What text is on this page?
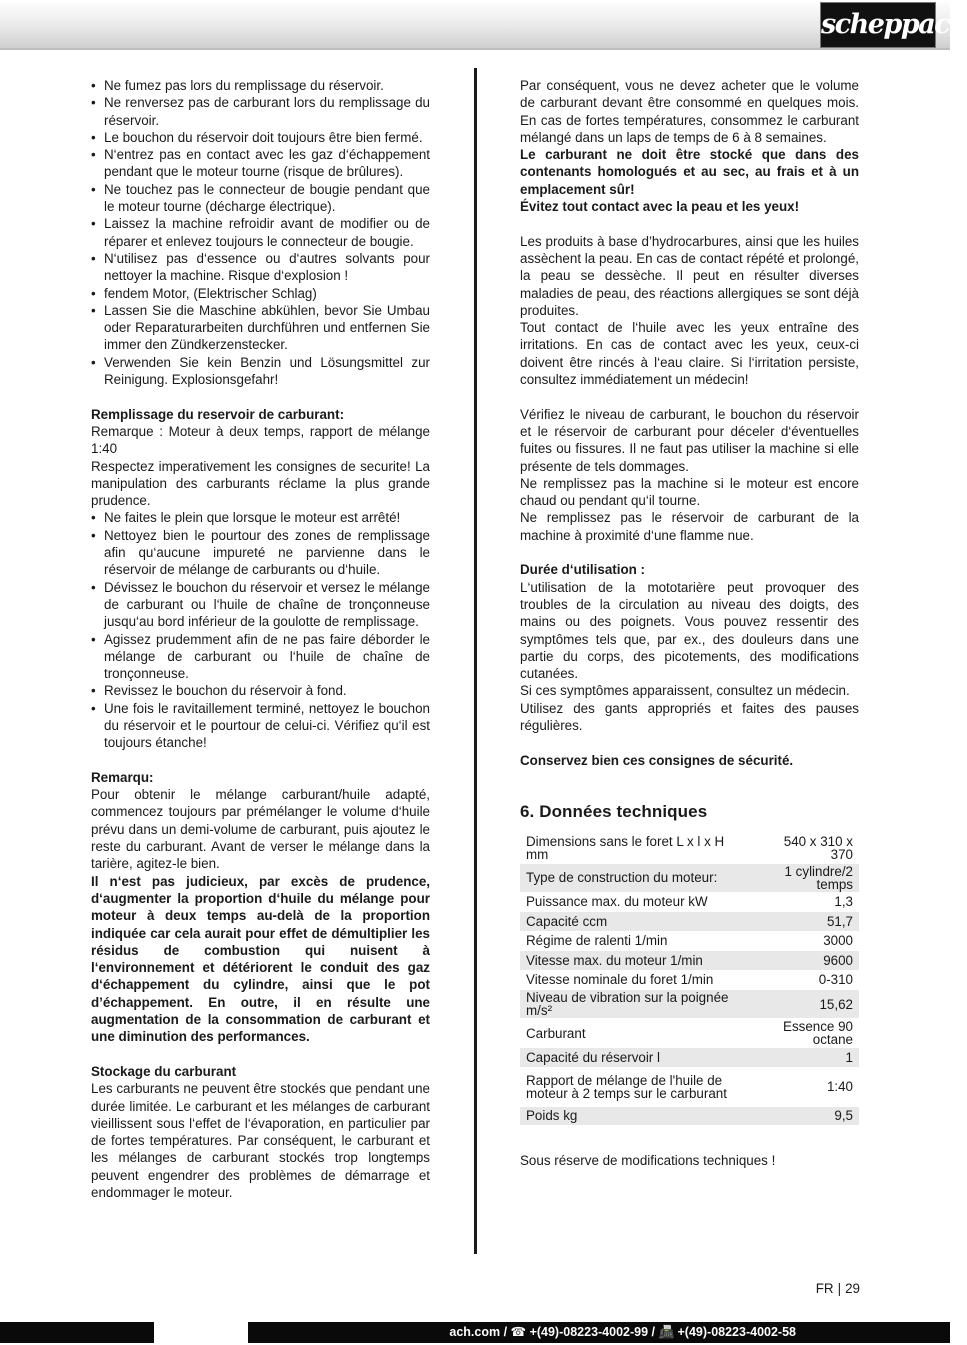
scheppach
• Ne fumez pas lors du remplissage du réservoir.
• Ne renversez pas de carburant lors du remplissage du réservoir.
• Le bouchon du réservoir doit toujours être bien fermé.
• N‘entrez pas en contact avec les gaz d‘échappement pendant que le moteur tourne (risque de brûlures).
• Ne touchez pas le connecteur de bougie pendant que le moteur tourne (décharge électrique).
• Laissez la machine refroidir avant de modifier ou de réparer et enlevez toujours le connecteur de bougie.
• N‘utilisez pas d‘essence ou d‘autres solvants pour nettoyer la machine. Risque d‘explosion !
• fendem Motor, (Elektrischer Schlag)
• Lassen Sie die Maschine abkühlen, bevor Sie Umbau oder Reparaturarbeiten durchführen und entfernen Sie immer den Zündkerzenstecker.
• Verwenden Sie kein Benzin und Lösungsmittel zur Reinigung. Explosionsgefahr!

Remplissage du reservoir de carburant:

Remarque : Moteur à deux temps, rapport de mélange 1:40

Respectez imperativement les consignes de securite! La manipulation des carburants réclame la plus grande prudence.

• Ne faites le plein que lorsque le moteur est arrêté!
• Nettoyez bien le pourtour des zones de remplissage afin qu‘aucune impureté ne parvienne dans le réservoir de mélange de carburants ou d‘huile.
• Dévissez le bouchon du réservoir et versez le mélange de carburant ou l‘huile de chaîne de tronçonneuse jusqu‘au bord inférieur de la goulotte de remplissage.
• Agissez prudemment afin de ne pas faire déborder le mélange de carburant ou l‘huile de chaîne de tronçonneuse.
• Revissez le bouchon du réservoir à fond.
• Une fois le ravitaillement terminé, nettoyez le bouchon du réservoir et le pourtour de celui-ci. Vérifiez qu‘il est toujours étanche!

Remarqu:

Pour obtenir le mélange carburant/huile adapté, commencez toujours par prémélanger le volume d‘huile prévu dans un demi-volume de carburant, puis ajoutez le reste du carburant. Avant de verser le mélange dans la tarière, agitez-le bien.

Il n‘est pas judicieux, par excès de prudence, d‘augmenter la proportion d‘huile du mélange pour moteur à deux temps au-delà de la proportion indiquée car cela aurait pour effet de démultiplier les résidus de combustion qui nuisent à l‘environnement et détériorent le conduit des gaz d‘échappement du cylindre, ainsi que le pot d’échappement. En outre, il en résulte une augmentation de la consommation de carburant et une diminution des performances.

Stockage du carburant

Les carburants ne peuvent être stockés que pendant une durée limitée. Le carburant et les mélanges de carburant vieillissent sous l‘effet de l‘évaporation, en particulier par de fortes températures. Par conséquent, le carburant et les mélanges de carburant stockés trop longtemps peuvent engendrer des problèmes de démarrage et endommager le moteur.

Par conséquent, vous ne devez acheter que le volume de carburant devant être consommé en quelques mois. En cas de fortes températures, consommez le carburant mélangé dans un laps de temps de 6 à 8 semaines.

Le carburant ne doit être stocké que dans des contenants homologués et au sec, au frais et à un emplacement sûr!

Évitez tout contact avec la peau et les yeux!

Les produits à base d’hydrocarbures, ainsi que les huiles assèchent la peau. En cas de contact répété et prolongé, la peau se dessèche. Il peut en résulter diverses maladies de peau, des réactions allergiques se sont déjà produites.

Tout contact de l‘huile avec les yeux entraîne des irritations. En cas de contact avec les yeux, ceux-ci doivent être rincés à l‘eau claire. Si l‘irritation persiste, consultez immédiatement un médecin!

Vérifiez le niveau de carburant, le bouchon du réservoir et le réservoir de carburant pour déceler d‘éventuelles fuites ou fissures. Il ne faut pas utiliser la machine si elle présente de tels dommages.

Ne remplissez pas la machine si le moteur est encore chaud ou pendant qu‘il tourne.

Ne remplissez pas le réservoir de carburant de la machine à proximité d‘une flamme nue.

Durée d‘utilisation :

L‘utilisation de la mototarière peut provoquer des troubles de la circulation au niveau des doigts, des mains ou des poignets. Vous pouvez ressentir des symptômes tels que, par ex., des douleurs dans une partie du corps, des picotements, des modifications cutanées.

Si ces symptômes apparaissent, consultez un médecin.

Utilisez des gants appropriés et faites des pauses régulières.

Conservez bien ces consignes de sécurité.

6. Données techniques
Dimensions sans le foret L x l x H mm	540 x 310 x 370
Type de construction du moteur:	1 cylindre/2 temps
Puissance max. du moteur kW	1,3
Capacité ccm	51,7
Régime de ralenti 1/min	3000
Vitesse max. du moteur 1/min	9600
Vitesse nominale du foret 1/min	0-310
Niveau de vibration sur la poignée m/s²	15,62
Carburant	Essence 90 octane
Capacité du réservoir l	1
Rapport de mélange de l'huile de moteur à 2 temps sur le carburant	1:40
Poids kg	9,5

Sous réserve de modifications techniques !

FR | 29
ach.com / ☎ +(49)-08223-4002-99 / 📠 +(49)-08223-4002-58
